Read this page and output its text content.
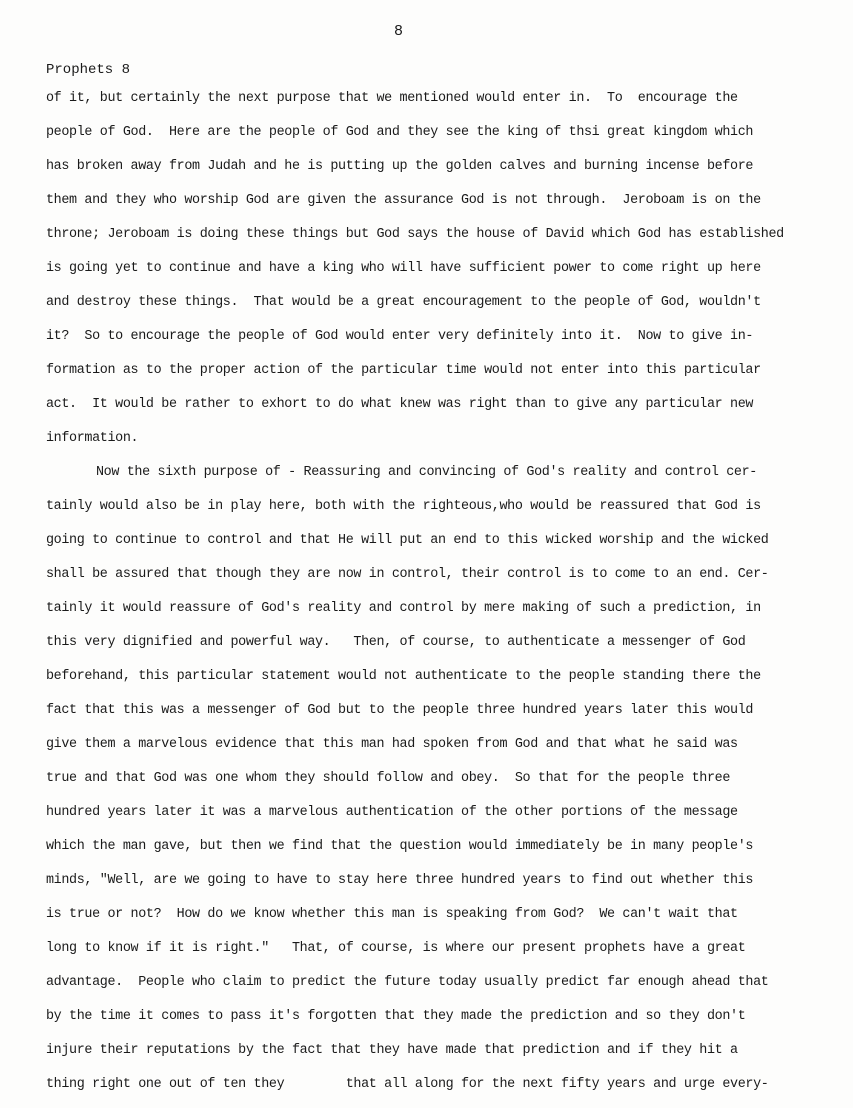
8
Prophets 8
of it, but certainly the next purpose that we mentioned would enter in.  To  encourage the
people of God.  Here are the people of God and they see the king of thsi great kingdom which
has broken away from Judah and he is putting up the golden calves and burning incense before
them and they who worship God are given the assurance God is not through.  Jeroboam is on the
throne; Jeroboam is doing these things but God says the house of David which God has established
is going yet to continue and have a king who will have sufficient power to come right up here
and destroy these things.  That would be a great encouragement to the people of God, wouldn't
it?  So to encourage the people of God would enter very definitely into it.  Now to give in-
formation as to the proper action of the particular time would not enter into this particular
act.  It would be rather to exhort to do what knew was right than to give any particular new
information.
Now the sixth purpose of - Reassuring and convincing of God's reality and control cer-
tainly would also be in play here, both with the righteous,who would be reassured that God is
going to continue to control and that He will put an end to this wicked worship and the wicked
shall be assured that though they are now in control, their control is to come to an end. Cer-
tainly it would reassure of God's reality and control by mere making of such a prediction, in
this very dignified and powerful way.   Then, of course, to authenticate a messenger of God
beforehand, this particular statement would not authenticate to the people standing there the
fact that this was a messenger of God but to the people three hundred years later this would
give them a marvelous evidence that this man had spoken from God and that what he said was
true and that God was one whom they should follow and obey.  So that for the people three
hundred years later it was a marvelous authentication of the other portions of the message
which the man gave, but then we find that the question would immediately be in many people's
minds, "Well, are we going to have to stay here three hundred years to find out whether this
is true or not?  How do we know whether this man is speaking from God?  We can't wait that
long to know if it is right."   That, of course, is where our present prophets have a great
advantage.  People who claim to predict the future today usually predict far enough ahead that
by the time it comes to pass it's forgotten that they made the prediction and so they don't
injure their reputations by the fact that they have made that prediction and if they hit a
thing right one out of ten they        that all along for the next fifty years and urge every-
